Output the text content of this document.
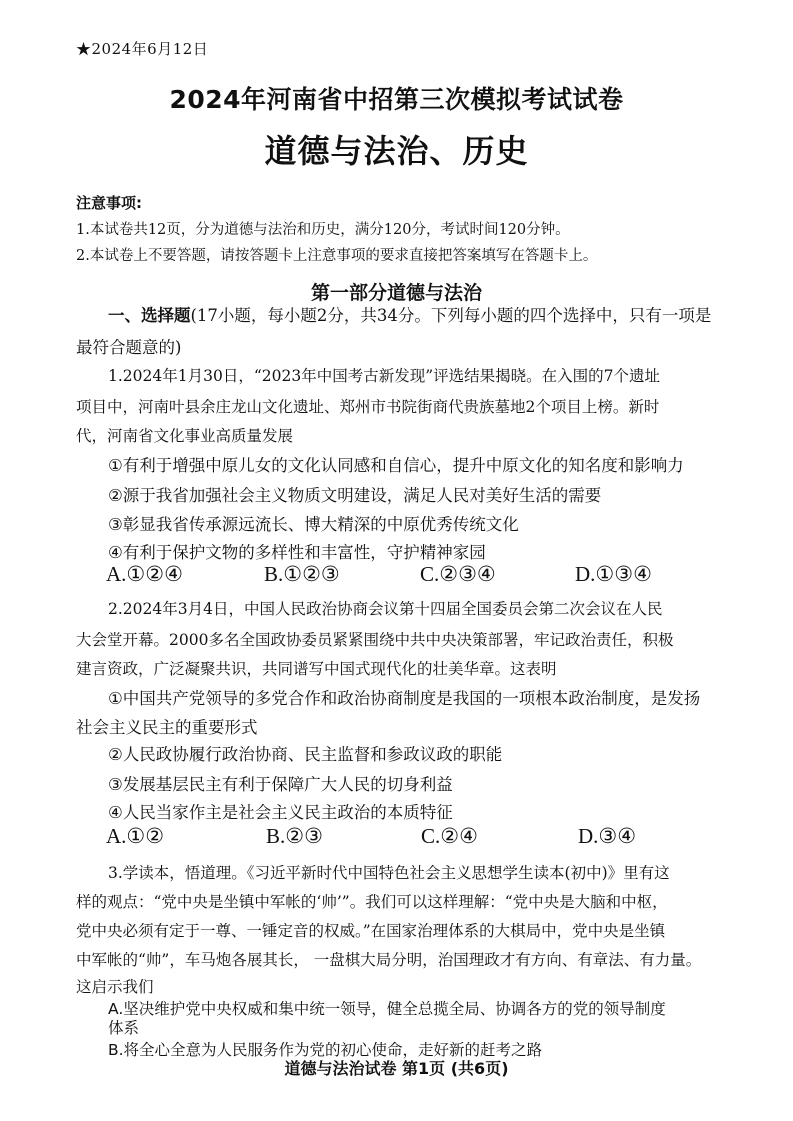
★2024年6月12日
2024年河南省中招第三次模拟考试试卷
道德与法治、历史
注意事项:
1.本试卷共12页，分为道德与法治和历史，满分120分，考试时间120分钟。
2.本试卷上不要答题，请按答题卡上注意事项的要求直接把答案填写在答题卡上。
第一部分道德与法治
一、选择题(17小题，每小题2分，共34分。下列每小题的四个选择中，只有一项是
最符合题意的)
1.2024年1月30日，“2023年中国考古新发现”评选结果揭晓。在入围的7个遗址
项目中，河南叶县余庄龙山文化遗址、郑州市书院街商代贵族墓地2个项目上榜。新时
代，河南省文化事业高质量发展
①有利于增强中原儿女的文化认同感和自信心，提升中原文化的知名度和影响力
②源于我省加强社会主义物质文明建设，满足人民对美好生活的需要
③彰显我省传承源远流长、博大精深的中原优秀传统文化
④有利于保护文物的多样性和丰富性，守护精神家园
A.①②④	B.①②③	C.②③④	D.①③④
2.2024年3月4日，中国人民政治协商会议第十四届全国委员会第二次会议在人民
大会堂开幕。2000多名全国政协委员紧紧围绕中共中央决策部署，牢记政治责任，积极
建言资政，广泛凝聚共识，共同谱写中国式现代化的壮美华章。这表明
①中国共产党领导的多党合作和政治协商制度是我国的一项根本政治制度，是发扬
社会主义民主的重要形式
②人民政协履行政治协商、民主监督和参政议政的职能
③发展基层民主有利于保障广大人民的切身利益
④人民当家作主是社会主义民主政治的本质特征
A.①②	B.②③	C.②④	D.③④
3.学读本，悟道理。《习近平新时代中国特色社会主义思想学生读本(初中)》里有这
样的观点：“党中央是坐镇中军帐的‘帅’”。我们可以这样理解：“党中央是大脑和中枢，
党中央必须有定于一尊、一锤定音的权威。”在国家治理体系的大棋局中，党中央是坐镇
中军帐的“帅”，车马炮各展其长， 一盘棋大局分明，治国理政才有方向、有章法、有力量。
这启示我们
A.坚决维护党中央权威和集中统一领导，健全总揽全局、协调各方的党的领导制度
体系
B.将全心全意为人民服务作为党的初心使命，走好新的赶考之路
道德与法治试卷 第1页 (共6页)
